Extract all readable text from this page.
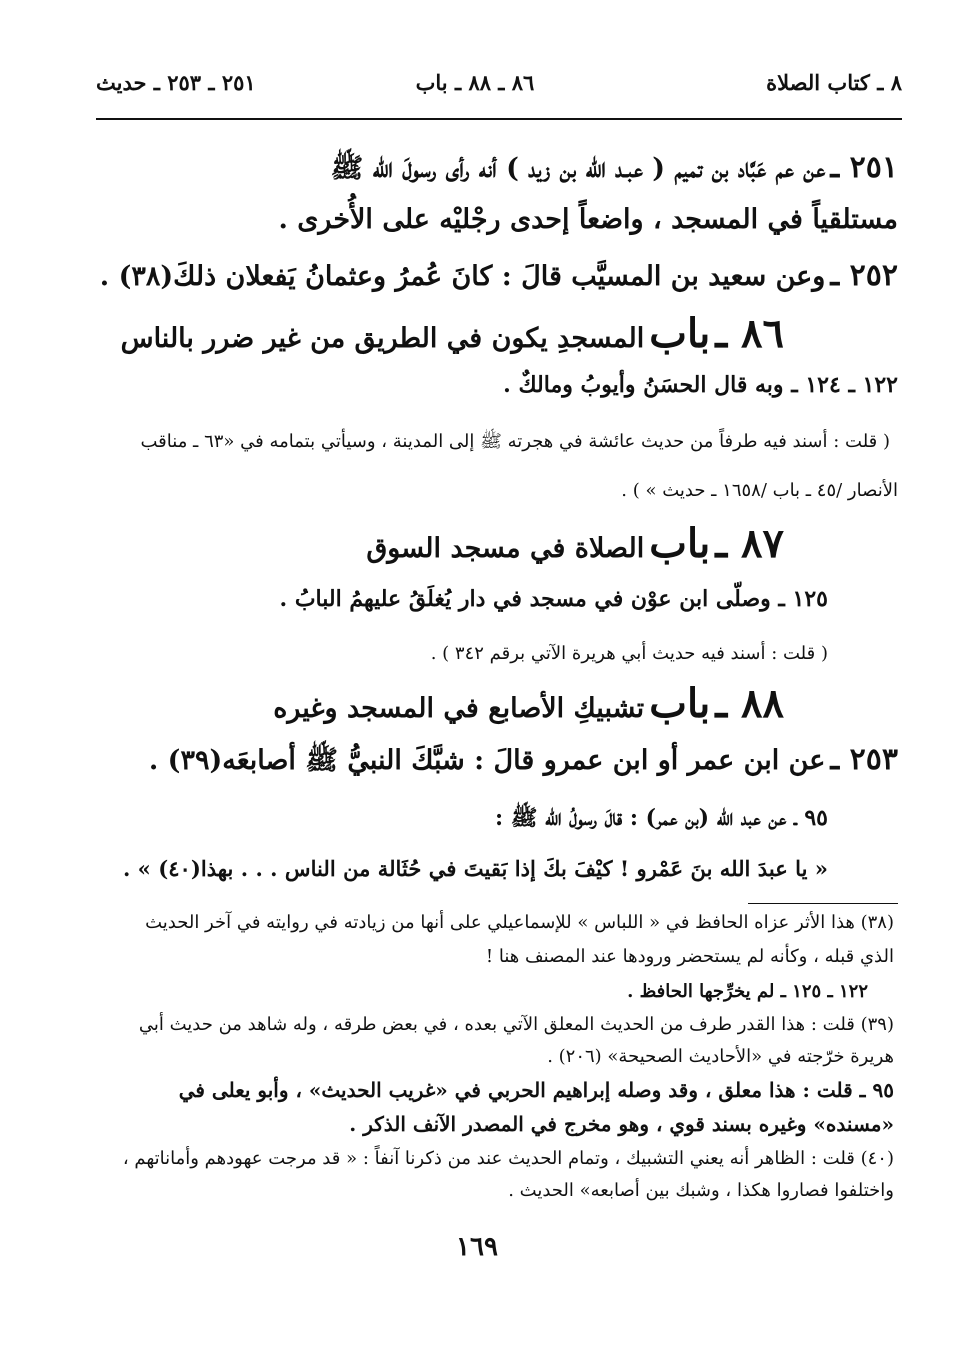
٨ ـ كتاب الصلاة
٨٦ ـ ٨٨ ـ باب
٢٥١ ـ ٢٥٣ ـ حديث
٢٥١ ـ عن عم عَبَّاد بن تميم ( عبـد الله بن زيد ) أنه رأى رسولَ الله ﷺ
مستلقياً في المسجد ، واضعاً إحدى رجْليْه على الأُخرى .
٢٥٢ ـ وعن سعيد بن المسيَّب قالَ : كانَ عُمرُ وعثمانُ يَفعلان ذلكَ(٣٨) .
٨٦ ـ باب المسجدِ يكون في الطريق من غير ضرر بالناس
١٢٢ ـ ١٢٤ ـ وبه قال الحسَنُ وأيوبُ ومالكٌ .
( قلت : أسند فيه طرفاً من حديث عائشة في هجرته ﷺ إلى المدينة ، وسيأتي بتمامه في «٦٣ ـ مناقب
الأنصار /٤٥ ـ باب /١٦٥٨ ـ حديث » ) .
٨٧ ـ باب الصلاة في مسجد السوق
١٢٥ ـ وصلّى ابن عوْن في مسجد في دار يُغلَقُ عليهمُ البابُ .
( قلت : أسند فيه حديث أبي هريرة الآتي برقم ٣٤٢ ) .
٨٨ ـ باب تشبيكِ الأصابع في المسجد وغيره
٢٥٣ ـ عن ابن عمر أو ابن عمرو قالَ : شبَّكَ النبيُّ ﷺ أصابعَه(٣٩) .
٩٥ ـ عن عبد الله (بن عمر) : قالَ رسولُ الله ﷺ :
« يا عبدَ الله بنَ عَمْرو ! كيْفَ بكَ إذا بَقيتَ في حُثَالة من الناس . . . بهذا(٤٠) » .
(٣٨) هذا الأثر عزاه الحافظ في « اللباس » للإسماعيلي على أنها من زيادته في روايته في آخر الحديث
الذي قبله ، وكأنه لم يستحضر ورودها عند المصنف هنا !
١٢٢ ـ ١٢٥ ـ لم يخرِّجها الحافظ .
(٣٩) قلت : هذا القدر طرف من الحديث المعلق الآتي بعده ، في بعض طرقه ، وله شاهد من حديث أبي
هريرة خرّجته في «الأحاديث الصحيحة» (٢٠٦) .
٩٥ ـ قلت : هذا معلق ، وقد وصله إبراهيم الحربي في «غريب الحديث» ، وأبو يعلى في
«مسنده» وغيره بسند قوي ، وهو مخرج في المصدر الآنف الذكر .
(٤٠) قلت : الظاهر أنه يعني التشبيك ، وتمام الحديث عند من ذكرنا آنفاً : « قد مرجت عهودهم وأماناتهم ،
واختلفوا فصاروا هكذا ، وشبك بين أصابعه» الحديث .
١٦٩
